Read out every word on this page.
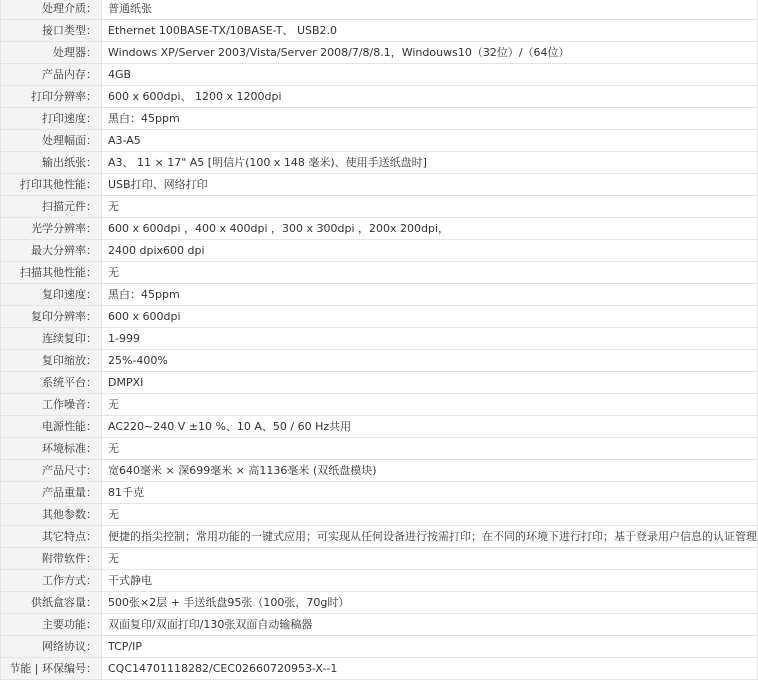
处理介质：	普通纸张
接口类型：	Ethernet 100BASE-TX/10BASE-T、 USB2.0
处理器：	Windows XP/Server 2003/Vista/Server 2008/7/8/8.1，Windouws10（32位）/（64位）
产品内存：	4GB
打印分辨率：	600 x 600dpi、 1200 x 1200dpi
打印速度：	黑白：45ppm
处理幅面：	A3-A5
输出纸张：	A3、 11 × 17" A5 [明信片(100 x 148 毫米)、使用手送纸盘时]
打印其他性能：	USB打印、网络打印
扫描元件：	无
光学分辨率：	600 x 600dpi ，400 x 400dpi ，300 x 300dpi ，200x 200dpi，
最大分辨率：	2400 dpix600 dpi
扫描其他性能：	无
复印速度：	黑白：45ppm
复印分辨率：	600 x 600dpi
连续复印：	1-999
复印缩放：	25%-400%
系统平台：	DMPXI
工作噪音：	无
电源性能：	AC220~240 V ±10 %、10 A、50 / 60 Hz共用
环境标准：	无
产品尺寸：	宽640毫米 × 深699毫米 × 高1136毫米 (双纸盘模块)
产品重量：	81千克
其他参数：	无
其它特点：	便捷的指尖控制；常用功能的一键式应用；可实现从任何设备进行按需打印；在不同的环境下进行打印；基于登录用户信息的认证管理
附带软件：	无
工作方式：	干式静电
供纸盒容量：	500张×2层 + 手送纸盘95张（100张，70g时）
主要功能：	双面复印/双面打印/130张双面自动输稿器
网络协议：	TCP/IP
节能 | 环保编号：	CQC14701118282/CEC02660720953-X--1
